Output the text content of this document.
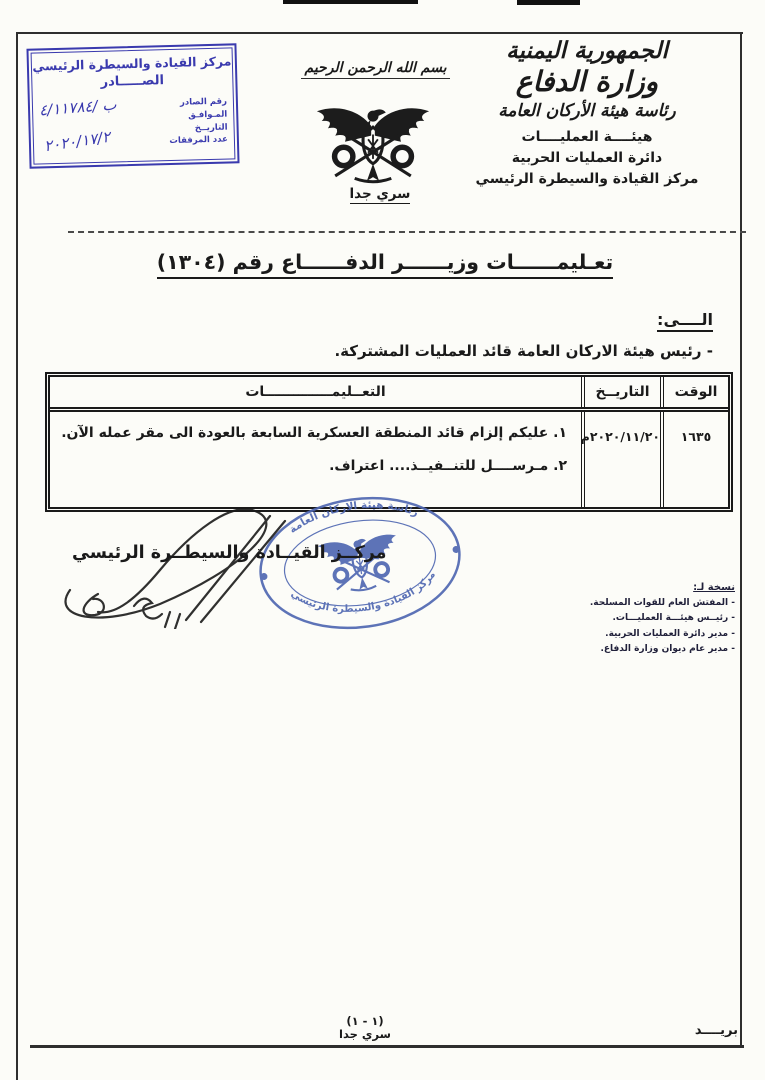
مركز القيادة والسيطرة الرئيسي
الصـــــادر
رقم الصادر
المـوافـق
التاريــخ
عدد المرفقات
ب /٤/١١٧٨٤
٢٠٢٠/١٧/٢
بسم الله الرحمن الرحيم
سري جدا
الجمهورية اليمنية
وزارة الدفاع
رئاسة هيئة الأركان العامة
هيئــــة العمليــــات
دائرة العمليات الحربية
مركز القيادة والسيطرة الرئيسي
تعـليمــــــات وزيــــــر الدفــــــاع رقم (١٣٠٤)
الــــى:
- رئيس هيئة الاركان العامة قائد العمليات المشتركة.
الوقت
التاريــخ
التعــليمــــــــــــــات
١٦٣٥
٢٠٢٠/١١/٢٠م
١. عليكم إلزام قائد المنطقة العسكرية السابعة بالعودة الى مقر عمله الآن.
٢. مـرســــل للتنــفيــذ.... اعتراف.
مركــز القيــادة والسيطــرة الرئيسي
رئاسة هيئة الاركان العامة
مركز القيادة والسيطرة الرئيسي
نسخة لـ:
- المفتش العام للقوات المسلحة.
- رئيــس هيئـــة العمليـــات.
- مدير دائرة العمليات الحربية.
- مدير عام ديوان وزارة الدفاع.
بريــــد
(١ - ١)
سري جدا
